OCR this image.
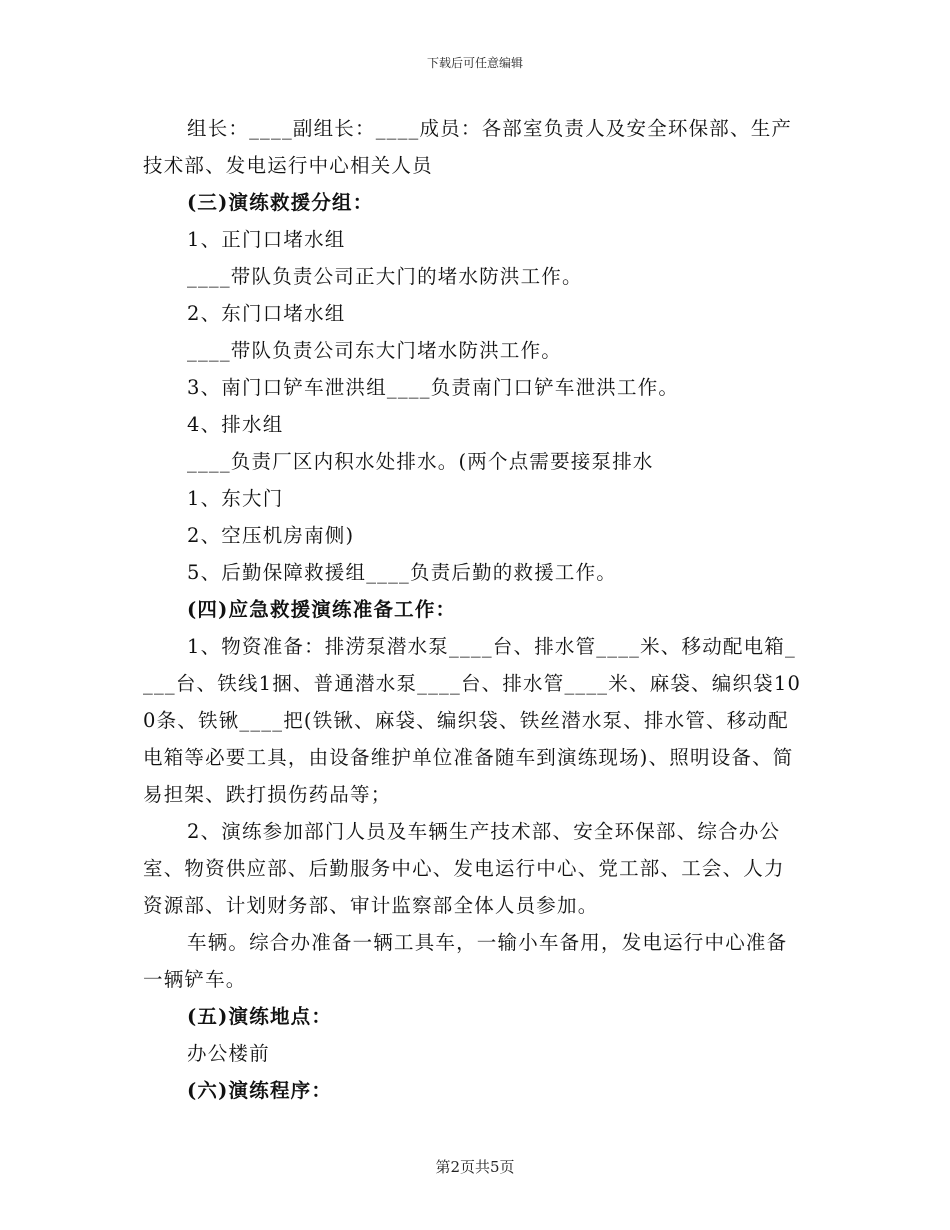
下载后可任意编辑

组长：____副组长：____成员：各部室负责人及安全环保部、生产技术部、发电运行中心相关人员

(三)演练救援分组：

1、正门口堵水组

____带队负责公司正大门的堵水防洪工作。

2、东门口堵水组

____带队负责公司东大门堵水防洪工作。

3、南门口铲车泄洪组____负责南门口铲车泄洪工作。

4、排水组

____负责厂区内积水处排水。(两个点需要接泵排水

1、东大门

2、空压机房南侧)

5、后勤保障救援组____负责后勤的救援工作。

(四)应急救援演练准备工作：

1、物资准备：排涝泵潜水泵____台、排水管____米、移动配电箱____台、铁线1捆、普通潜水泵____台、排水管____米、麻袋、编织袋100条、铁锹____把(铁锹、麻袋、编织袋、铁丝潜水泵、排水管、移动配电箱等必要工具，由设备维护单位准备随车到演练现场)、照明设备、简易担架、跌打损伤药品等；

2、演练参加部门人员及车辆生产技术部、安全环保部、综合办公室、物资供应部、后勤服务中心、发电运行中心、党工部、工会、人力资源部、计划财务部、审计监察部全体人员参加。

车辆。综合办准备一辆工具车，一输小车备用，发电运行中心准备一辆铲车。

(五)演练地点：

办公楼前

(六)演练程序：

第2页共5页
